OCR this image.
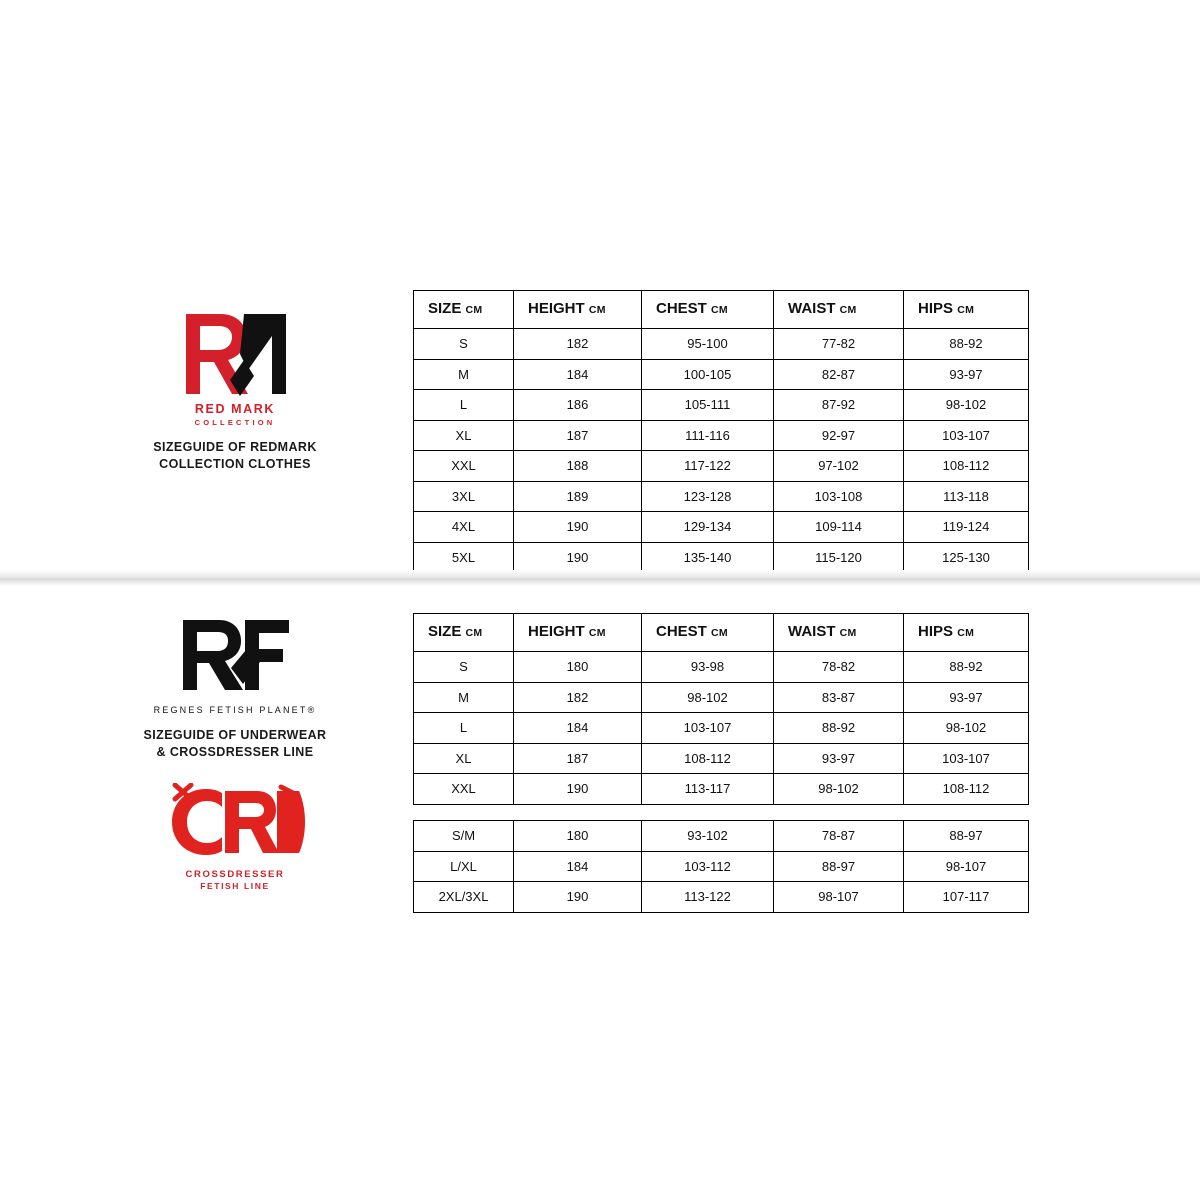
RED MARK
COLLECTION
SIZEGUIDE OF REDMARK
COLLECTION CLOTHES
SIZE CM	HEIGHT CM	CHEST CM	WAIST CM	HIPS CM
S	182	95-100	77-82	88-92
M	184	100-105	82-87	93-97
L	186	105-111	87-92	98-102
XL	187	111-116	92-97	103-107
XXL	188	117-122	97-102	108-112
3XL	189	123-128	103-108	113-118
4XL	190	129-134	109-114	119-124
5XL	190	135-140	115-120	125-130
REGNES FETISH PLANET®
SIZEGUIDE OF UNDERWEAR
& CROSSDRESSER LINE
CROSSDRESSER
FETISH LINE
SIZE CM	HEIGHT CM	CHEST CM	WAIST CM	HIPS CM
S	180	93-98	78-82	88-92
M	182	98-102	83-87	93-97
L	184	103-107	88-92	98-102
XL	187	108-112	93-97	103-107
XXL	190	113-117	98-102	108-112
S/M	180	93-102	78-87	88-97
L/XL	184	103-112	88-97	98-107
2XL/3XL	190	113-122	98-107	107-117
